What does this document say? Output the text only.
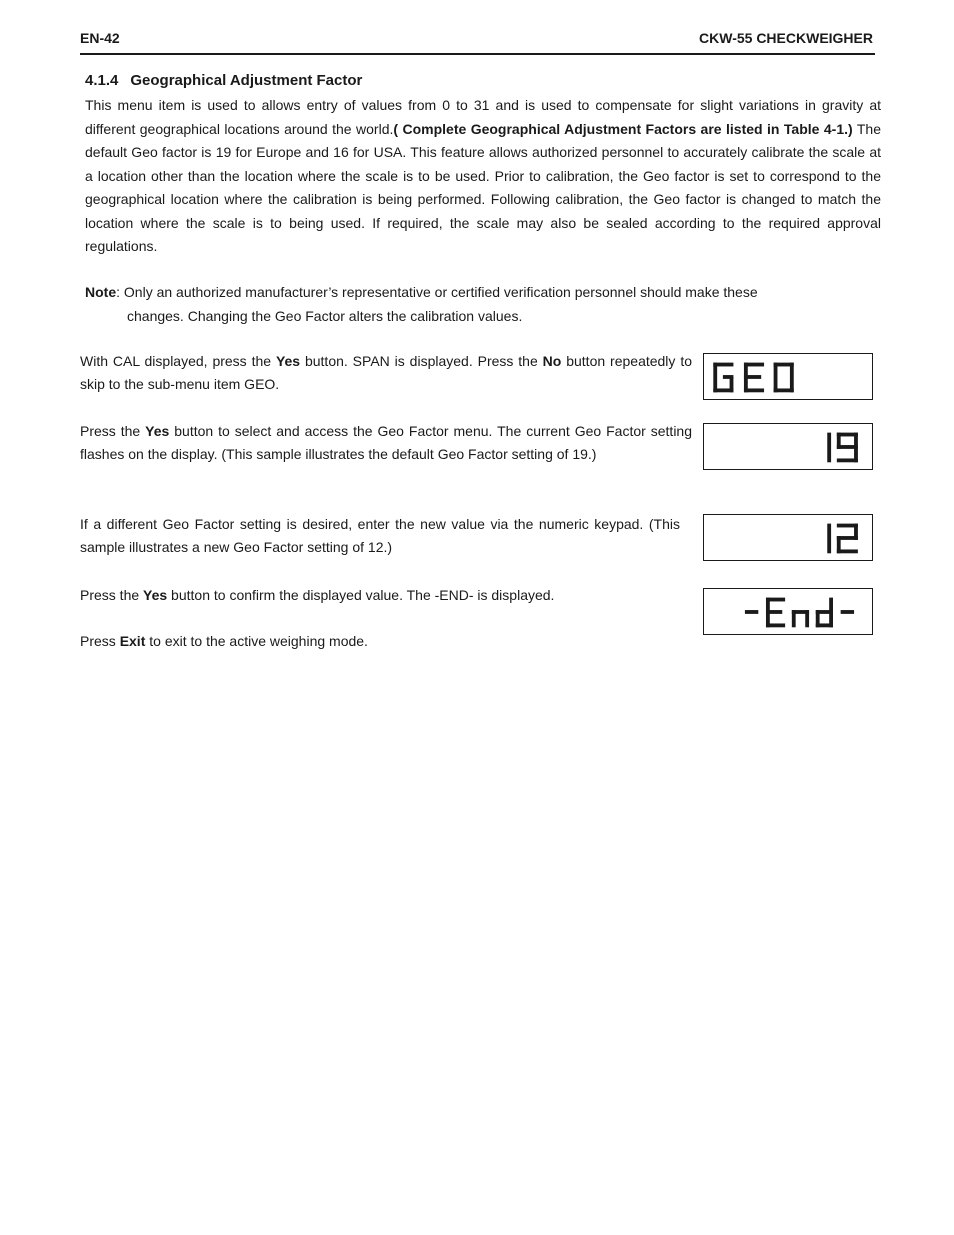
EN-42	CKW-55 CHECKWEIGHER
4.1.4 Geographical Adjustment Factor
This menu item is used to allows entry of values from 0 to 31 and is used to compensate for slight variations in gravity at different geographical locations around the world.( Complete Geographical Adjustment Factors are listed in Table 4-1.) The default Geo factor is 19 for Europe and 16 for USA. This feature allows authorized personnel to accurately calibrate the scale at a location other than the location where the scale is to be used. Prior to calibration, the Geo factor is set to correspond to the geographical location where the calibration is being performed. Following calibration, the Geo factor is changed to match the location where the scale is to being used. If required, the scale may also be sealed according to the required approval regulations.
Note: Only an authorized manufacturer’s representative or certified verification personnel should make these
changes. Changing the Geo Factor alters the calibration values.
With CAL displayed, press the Yes button. SPAN is displayed. Press the No button repeatedly to skip to the sub-menu item GEO.
Press the Yes button to select and access the Geo Factor menu. The current Geo Factor setting flashes on the display. (This sample illustrates the default Geo Factor setting of 19.)
If a different Geo Factor setting is desired, enter the new value via the numeric keypad. (This sample illustrates a new Geo Factor setting of 12.)
Press the Yes button to confirm the displayed value. The -END- is displayed.
Press Exit to exit to the active weighing mode.
